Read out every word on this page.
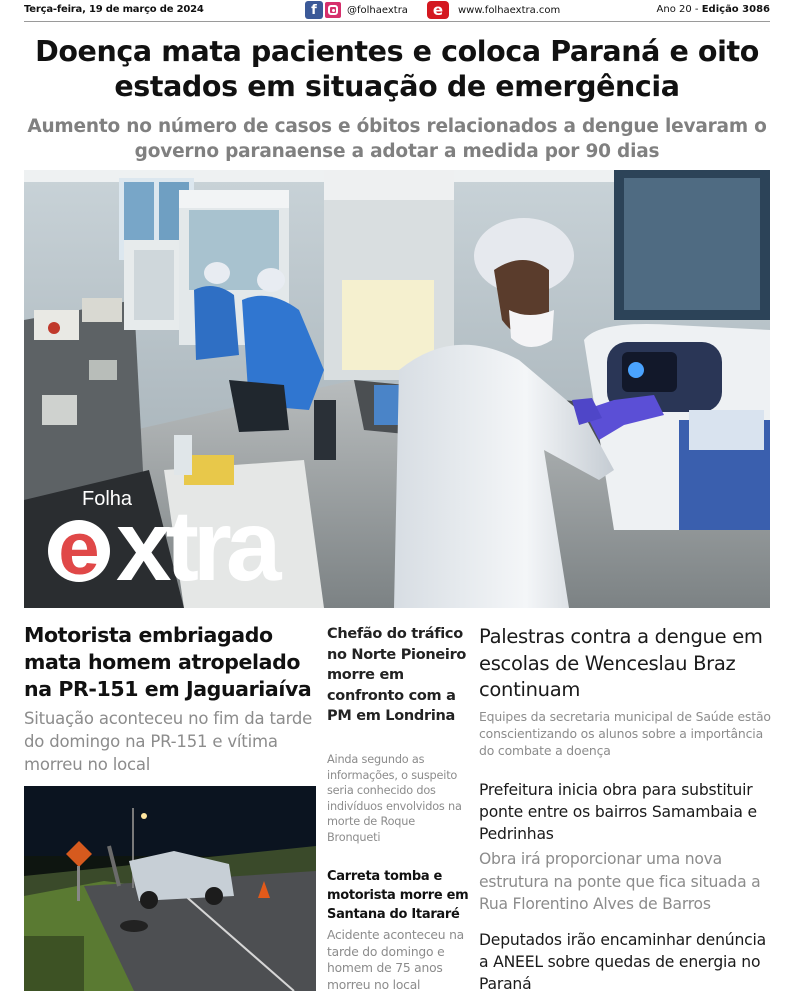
Terça-feira, 19 de março de 2024	f	@folhaextra	e	www.folhaextra.com	Ano 20 - Edição 3086
Doença mata pacientes e coloca Paraná e oito estados em situação de emergência

Aumento no número de casos e óbitos relacionados a dengue levaram o governo paranaense a adotar a medida por 90 dias

Folha
e xtra
Motorista embriagado mata homem atropelado na PR-151 em Jaguariaíva

Situação aconteceu no fim da tarde do domingo na PR-151 e vítima morreu no local

Chefão do tráfico no Norte Pioneiro morre em confronto com a PM em Londrina

Ainda segundo as informações, o suspeito seria conhecido dos indivíduos envolvidos na morte de Roque Bronqueti

Carreta tomba e motorista morre em Santana do Itararé

Acidente aconteceu na tarde do domingo e homem de 75 anos morreu no local

Palestras contra a dengue em escolas de Wenceslau Braz continuam

Equipes da secretaria municipal de Saúde estão conscientizando os alunos sobre a importância do combate a doença

Prefeitura inicia obra para substituir ponte entre os bairros Samambaia e Pedrinhas

Obra irá proporcionar uma nova estrutura na ponte que fica situada a Rua Florentino Alves de Barros

Deputados irão encaminhar denúncia a ANEEL sobre quedas de energia no Paraná
